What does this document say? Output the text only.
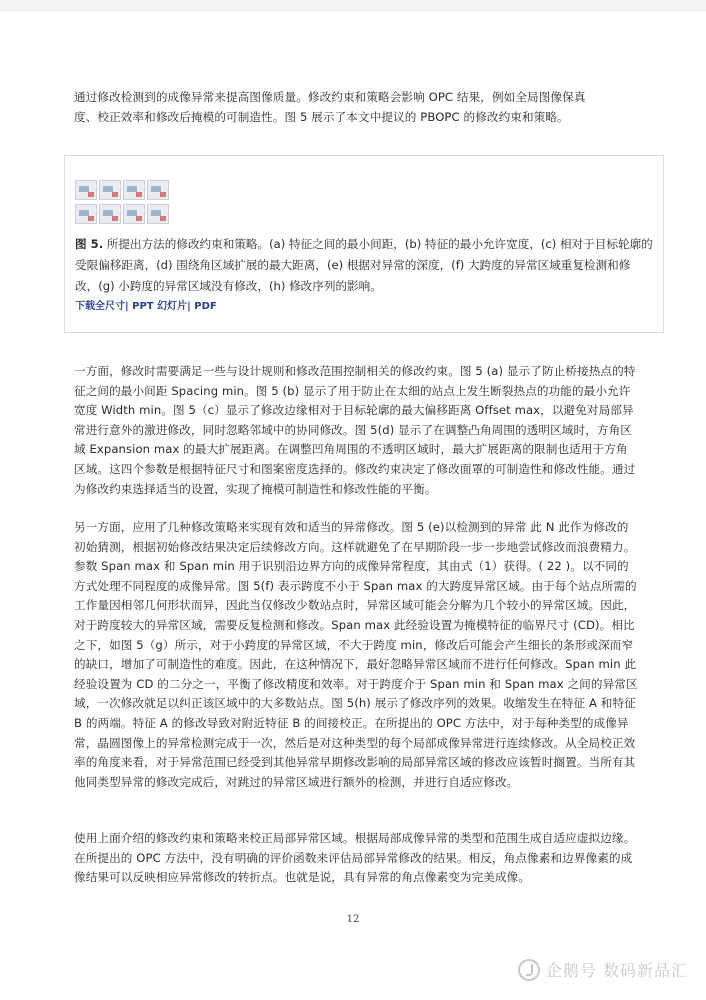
通过修改检测到的成像异常来提高图像质量。修改约束和策略会影响 OPC 结果，例如全局图像保真
度、校正效率和修改后掩模的可制造性。图 5 展示了本文中提议的 PBOPC 的修改约束和策略。
图 5. 所提出方法的修改约束和策略。(a) 特征之间的最小间距，(b) 特征的最小允许宽度，(c) 相对于目标轮廓的受限偏移距离，(d) 围绕角区域扩展的最大距离，(e) 根据对异常的深度，(f) 大跨度的异常区域重复检测和修改，(g) 小跨度的异常区域没有修改，(h) 修改序列的影响。
下载全尺寸| PPT 幻灯片| PDF
一方面，修改时需要满足一些与设计规则和修改范围控制相关的修改约束。图 5 (a) 显示了防止桥接热点的特征之间的最小间距 Spacing min。图 5 (b) 显示了用于防止在太细的站点上发生断裂热点的功能的最小允许宽度 Width min。图 5（c）显示了修改边缘相对于目标轮廓的最大偏移距离 Offset max，以避免对局部异常进行意外的激进修改，同时忽略邻域中的协同修改。图 5(d) 显示了在调整凸角周围的透明区域时，方角区域 Expansion max 的最大扩展距离。在调整凹角周围的不透明区域时，最大扩展距离的限制也适用于方角区域。这四个参数是根据特征尺寸和图案密度选择的。修改约束决定了修改面罩的可制造性和修改性能。通过为修改约束选择适当的设置，实现了掩模可制造性和修改性能的平衡。
另一方面，应用了几种修改策略来实现有效和适当的异常修改。图 5 (e)以检测到的异常 此 N 此作为修改的初始猜测，根据初始修改结果决定后续修改方向。这样就避免了在早期阶段一步一步地尝试修改而浪费精力。参数 Span max 和 Span min 用于识别沿边界方向的成像异常程度，其由式（1）获得。( 22 )。以不同的方式处理不同程度的成像异常。图 5(f) 表示跨度不小于 Span max 的大跨度异常区域。由于每个站点所需的工作量因相邻几何形状而异，因此当仅修改少数站点时，异常区域可能会分解为几个较小的异常区域。因此，对于跨度较大的异常区域，需要反复检测和修改。Span max 此经验设置为掩模特征的临界尺寸 (CD)。相比之下，如图 5（g）所示，对于小跨度的异常区域，不大于跨度 min，修改后可能会产生细长的条形或深而窄的缺口，增加了可制造性的难度。因此，在这种情况下，最好忽略异常区域而不进行任何修改。Span min 此经验设置为 CD 的二分之一，平衡了修改精度和效率。对于跨度介于 Span min 和 Span max 之间的异常区域，一次修改就足以纠正该区域中的大多数站点。图 5(h) 展示了修改序列的效果。收缩发生在特征 A 和特征 B 的两端。特征 A 的修改导致对附近特征 B 的间接校正。在所提出的 OPC 方法中，对于每种类型的成像异常，晶圆图像上的异常检测完成于一次，然后是对这种类型的每个局部成像异常进行连续修改。从全局校正效率的角度来看，对于异常范围已经受到其他异常早期修改影响的局部异常区域的修改应该暂时搁置。当所有其他同类型异常的修改完成后，对跳过的异常区域进行额外的检测，并进行自适应修改。
使用上面介绍的修改约束和策略来校正局部异常区域。根据局部成像异常的类型和范围生成自适应虚拟边缘。在所提出的 OPC 方法中，没有明确的评价函数来评估局部异常修改的结果。相反，角点像素和边界像素的成像结果可以反映相应异常修改的转折点。也就是说，具有异常的角点像素变为完美成像。
12
企鹅号 数码新品汇
